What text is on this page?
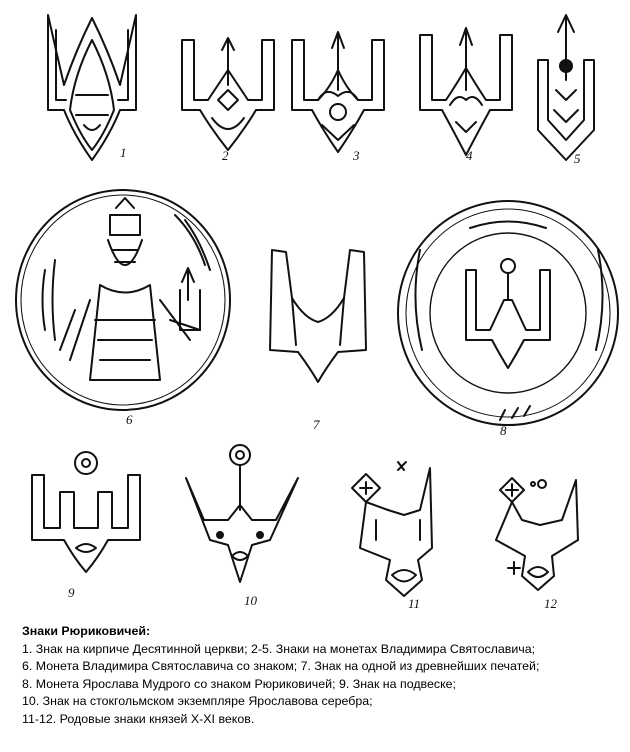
1	2	3	4	5
6	7	8
9
10	11	12
Знаки Рюриковичей:
1. Знак на кирпиче Десятинной церкви; 2-5. Знаки на монетах Владимира Святославича;
6. Монета Владимира Святославича со знаком; 7. Знак на одной из древнейших печатей;
8. Монета Ярослава Мудрого со знаком Рюриковичей; 9. Знак на подвеске;
10. Знак на стокгольмском экземпляре Ярославова серебра;
11-12. Родовые знаки князей X-XI веков.
